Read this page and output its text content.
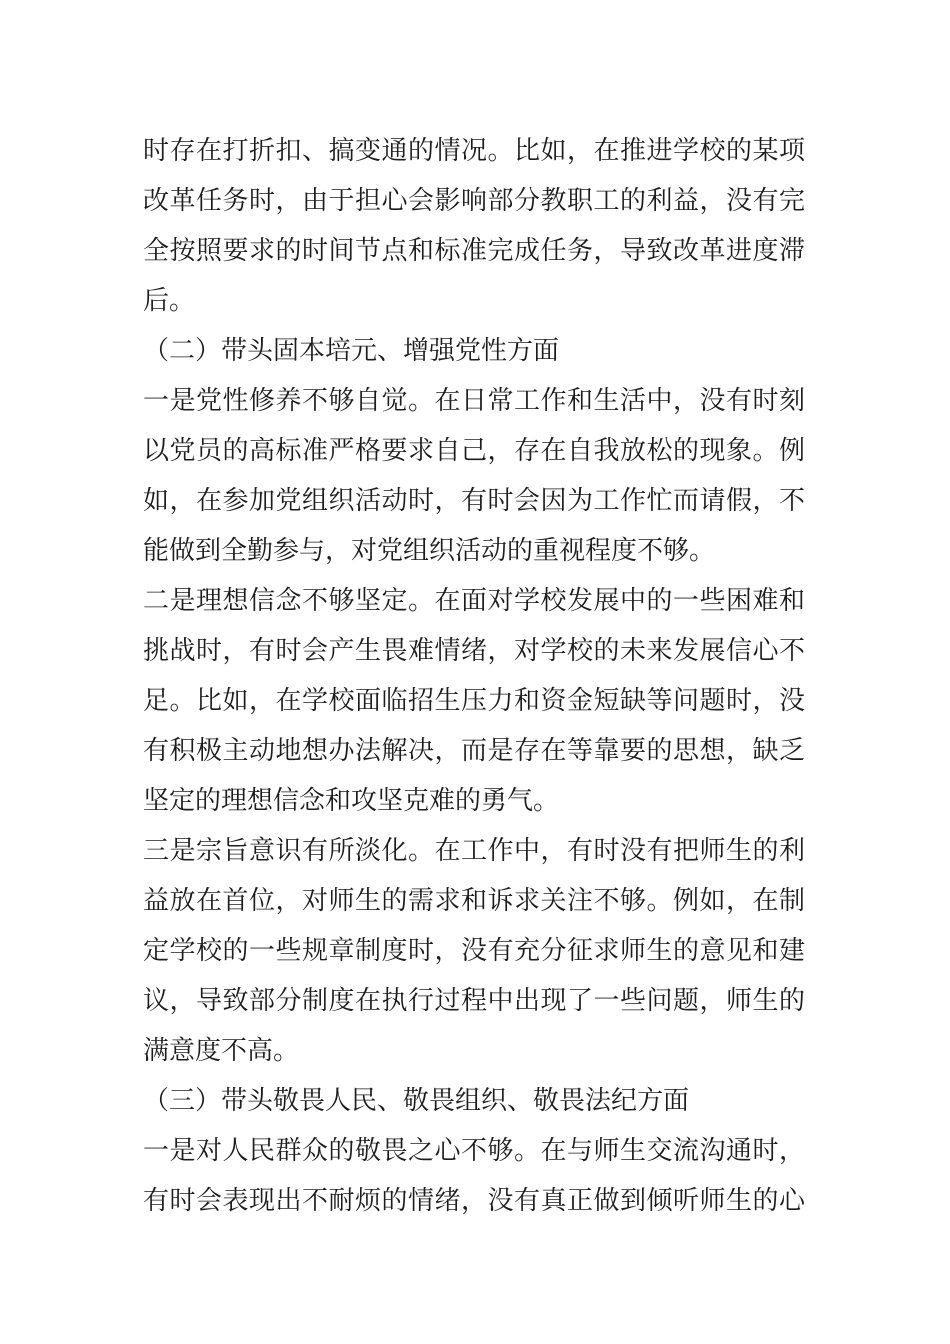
时存在打折扣、搞变通的情况。比如，在推进学校的某项
改革任务时，由于担心会影响部分教职工的利益，没有完
全按照要求的时间节点和标准完成任务，导致改革进度滞
后。
（二）带头固本培元、增强党性方面
一是党性修养不够自觉。在日常工作和生活中，没有时刻
以党员的高标准严格要求自己，存在自我放松的现象。例
如，在参加党组织活动时，有时会因为工作忙而请假，不
能做到全勤参与，对党组织活动的重视程度不够。
二是理想信念不够坚定。在面对学校发展中的一些困难和
挑战时，有时会产生畏难情绪，对学校的未来发展信心不
足。比如，在学校面临招生压力和资金短缺等问题时，没
有积极主动地想办法解决，而是存在等靠要的思想，缺乏
坚定的理想信念和攻坚克难的勇气。
三是宗旨意识有所淡化。在工作中，有时没有把师生的利
益放在首位，对师生的需求和诉求关注不够。例如，在制
定学校的一些规章制度时，没有充分征求师生的意见和建
议，导致部分制度在执行过程中出现了一些问题，师生的
满意度不高。
（三）带头敬畏人民、敬畏组织、敬畏法纪方面
一是对人民群众的敬畏之心不够。在与师生交流沟通时，
有时会表现出不耐烦的情绪，没有真正做到倾听师生的心
